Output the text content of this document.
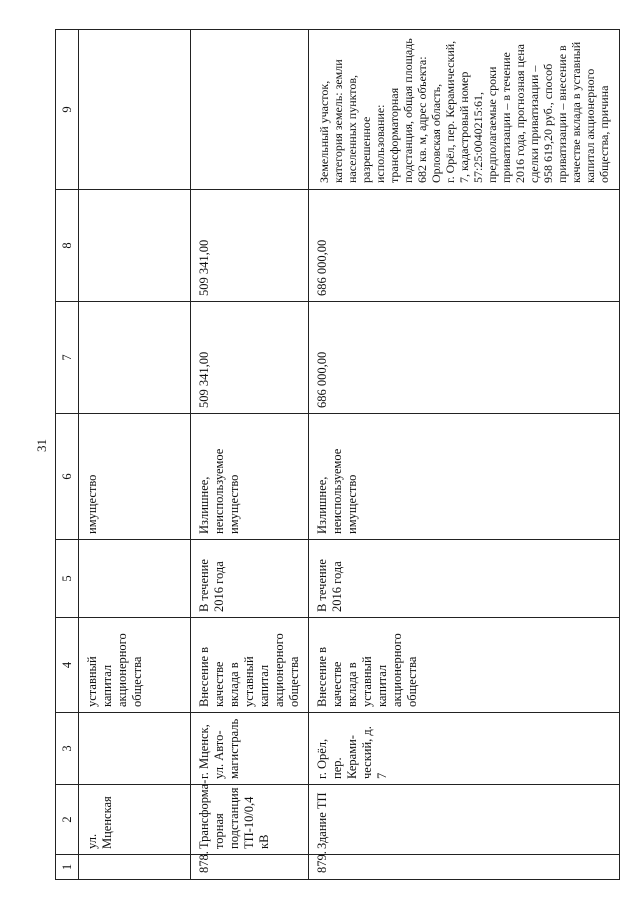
31
1	2	3	4	5	6	7	8	9
	ул. Мценская		уставный капитал акционерного общества		имущество			
878.	Трансформа-
торная подстанция
ТП-10/0,4 кВ	г. Мценск, ул. Авто-магистраль	Внесение в качестве вклада в уставный капитал акционерного общества	В течение 2016 года	Излишнее, неиспользуемое имущество	509 341,00	509 341,00	
879.	Здание ТП	г. Орёл, пер. Керами-ческий, д. 7	Внесение в качестве вклада в уставный капитал акционерного общества	В течение 2016 года	Излишнее, неиспользуемое имущество	686 000,00	686 000,00	Земельный участок, категория земель: земли населенных пунктов, разрешенное использование: трансформаторная подстанция, общая площадь 682 кв. м, адрес объекта: Орловская область,
г. Орёл, пер. Керамический, 7, кадастровый номер 57:25:0040215:61,
предполагаемые сроки приватизации – в течение 2016 года, прогнозная цена сделки приватизации –
958 619,20 руб., способ приватизации – внесение в качестве вклада в уставный капитал акционерного общества, причина
